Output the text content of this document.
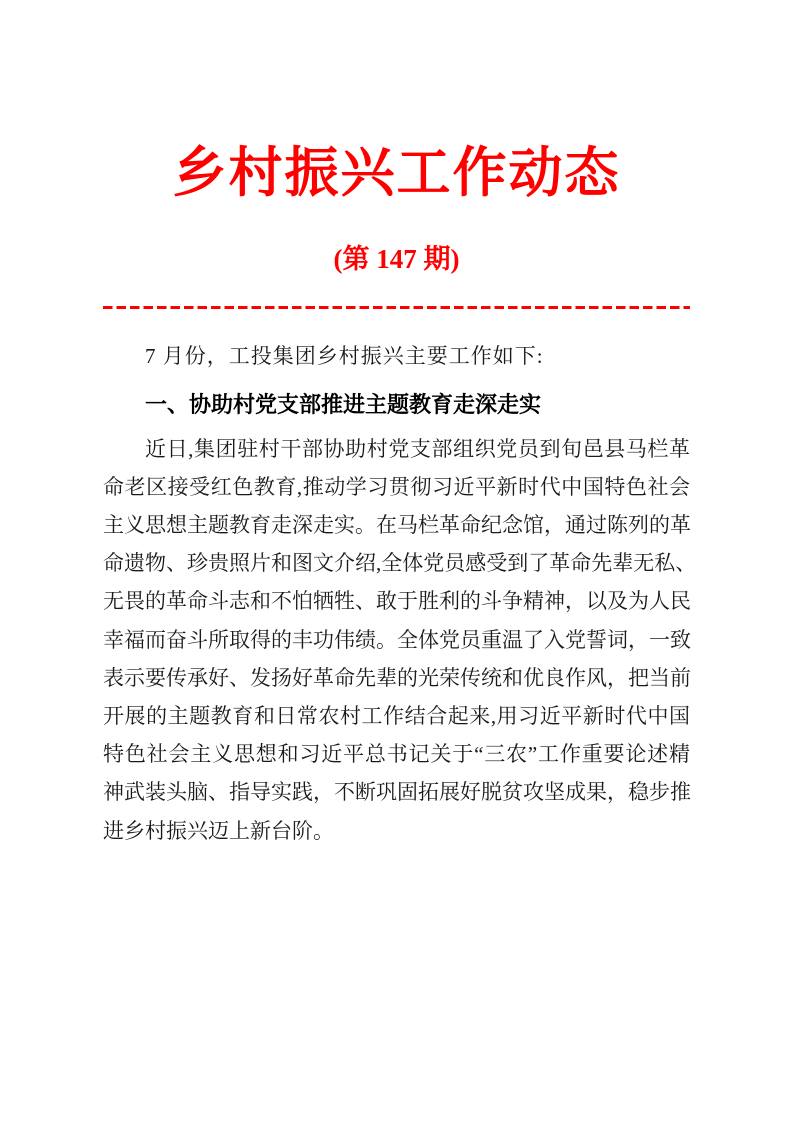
乡村振兴工作动态
(第 147 期)

7 月份，工投集团乡村振兴主要工作如下:

一、协助村党支部推进主题教育走深走实
近日,集团驻村干部协助村党支部组织党员到旬邑县马栏革
命老区接受红色教育,推动学习贯彻习近平新时代中国特色社会
主义思想主题教育走深走实。在马栏革命纪念馆，通过陈列的革
命遗物、珍贵照片和图文介绍,全体党员感受到了革命先辈无私、
无畏的革命斗志和不怕牺牲、敢于胜利的斗争精神，以及为人民
幸福而奋斗所取得的丰功伟绩。全体党员重温了入党誓词，一致
表示要传承好、发扬好革命先辈的光荣传统和优良作风，把当前
开展的主题教育和日常农村工作结合起来,用习近平新时代中国
特色社会主义思想和习近平总书记关于“三农”工作重要论述精
神武装头脑、指导实践，不断巩固拓展好脱贫攻坚成果，稳步推
进乡村振兴迈上新台阶。
